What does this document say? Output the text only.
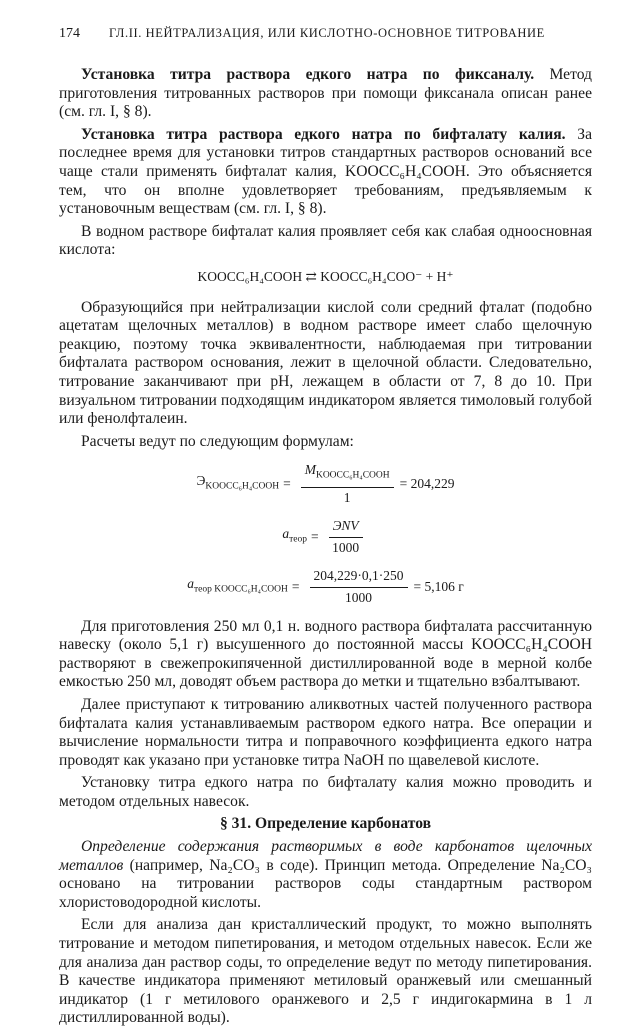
174	ГЛ.II. НЕЙТРАЛИЗАЦИЯ, ИЛИ КИСЛОТНО-ОСНОВНОЕ ТИТРОВАНИЕ

Установка титра раствора едкого натра по фиксаналу. Метод приготовления титрованных растворов при помощи фиксанала описан ранее (см. гл. I, § 8).

Установка титра раствора едкого натра по бифталату калия. За последнее время для установки титров стандартных растворов оснований все чаще стали применять бифталат калия, KOOCC₆H₄COOH. Это объясняется тем, что он вполне удовлетворяет требованиям, предъявляемым к установочным веществам (см. гл. I, § 8).

В водном растворе бифталат калия проявляет себя как слабая одноосновная кислота:

KOOCC₆H₄COOH ⇄ KOOCC₆H₄COO⁻ + H⁺

Образующийся при нейтрализации кислой соли средний фталат (подобно ацетатам щелочных металлов) в водном растворе имеет слабо щелочную реакцию, поэтому точка эквивалентности, наблюдаемая при титровании бифталата раствором основания, лежит в щелочной области. Следовательно, титрование заканчивают при pH, лежащем в области от 7, 8 до 10. При визуальном титровании подходящим индикатором является тимоловый голубой или фенолфталеин.

Расчеты ведут по следующим формулам:

$Э_{KOOCC_6H_4COOH} = \frac{M_{KOOCC_6H_4COOH}}{1} = 204,229$
$a_{теор} = \frac{\text{ЭNV}}{1000}$
$a_{теор KOOCC_6H_4COOH} = \frac{204,229\cdot 0,1\cdot 250}{1000} = 5,106$ г

Для приготовления 250 мл 0,1 н. водного раствора бифталата рассчитанную навеску (около 5,1 г) высушенного до постоянной массы KOOCC₆H₄COOH растворяют в свежепрокипяченной дистиллированной воде в мерной колбе емкостью 250 мл, доводят объем раствора до метки и тщательно взбалтывают.

Далее приступают к титрованию аликвотных частей полученного раствора бифталата калия устанавливаемым раствором едкого натра. Все операции и вычисление нормальности титра и поправочного коэффициента едкого натра проводят как указано при установке титра NaOH по щавелевой кислоте.

Установку титра едкого натра по бифталату калия можно проводить и методом отдельных навесок.

§ 31. Определение карбонатов

Определение содержания растворимых в воде карбонатов щелочных металлов (например, Na₂CO₃ в соде). Принцип метода. Определение Na₂CO₃ основано на титровании растворов соды стандартным раствором хлористоводородной кислоты.

Если для анализа дан кристаллический продукт, то можно выполнять титрование и методом пипетирования, и методом отдельных навесок. Если же для анализа дан раствор соды, то определение ведут по методу пипетирования. В качестве индикатора применяют метиловый оранжевый или смешанный индикатор (1 г метилового оранжевого и 2,5 г индигокармина в 1 л дистиллированной воды).
